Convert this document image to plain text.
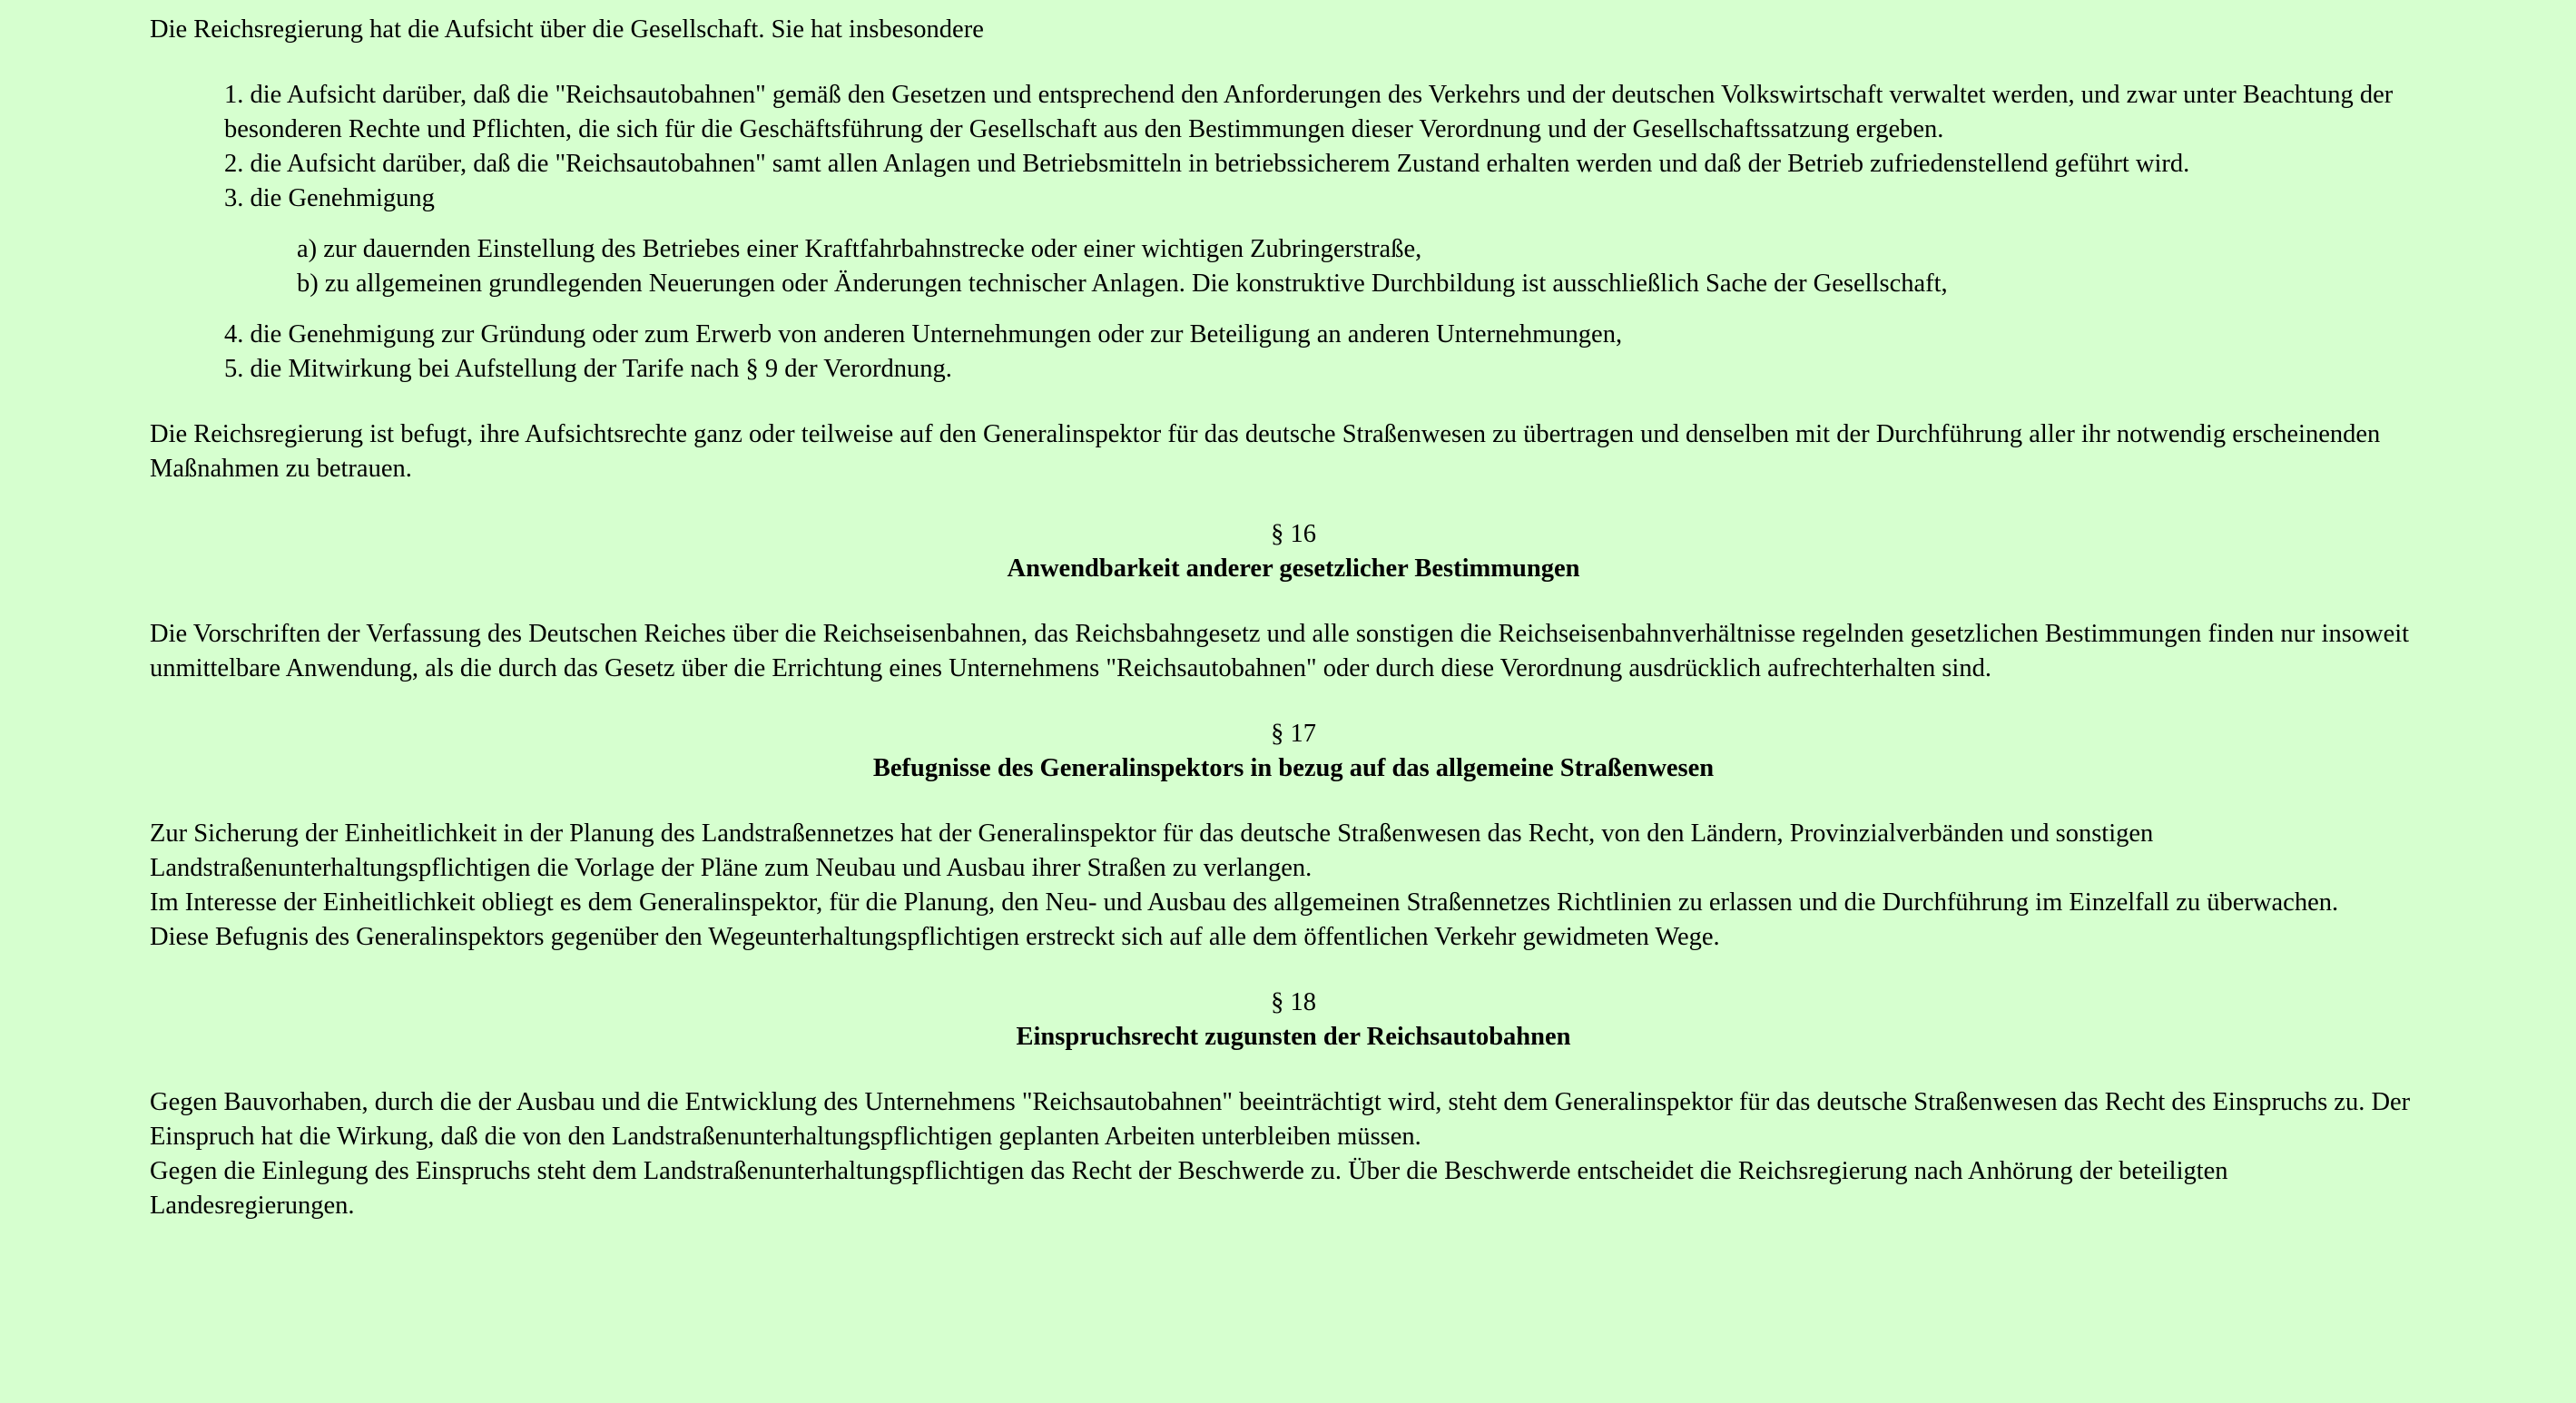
Die Reichsregierung hat die Aufsicht über die Gesellschaft. Sie hat insbesondere

1. die Aufsicht darüber, daß die "Reichsautobahnen" gemäß den Gesetzen und entsprechend den Anforderungen des Verkehrs und der deutschen Volkswirtschaft verwaltet werden, und zwar unter Beachtung der besonderen Rechte und Pflichten, die sich für die Geschäftsführung der Gesellschaft aus den Bestimmungen dieser Verordnung und der Gesellschaftssatzung ergeben.
2. die Aufsicht darüber, daß die "Reichsautobahnen" samt allen Anlagen und Betriebsmitteln in betriebssicherem Zustand erhalten werden und daß der Betrieb zufriedenstellend geführt wird.
3. die Genehmigung
a) zur dauernden Einstellung des Betriebes einer Kraftfahrbahnstrecke oder einer wichtigen Zubringerstraße,
b) zu allgemeinen grundlegenden Neuerungen oder Änderungen technischer Anlagen. Die konstruktive Durchbildung ist ausschließlich Sache der Gesellschaft,
4. die Genehmigung zur Gründung oder zum Erwerb von anderen Unternehmungen oder zur Beteiligung an anderen Unternehmungen,
5. die Mitwirkung bei Aufstellung der Tarife nach § 9 der Verordnung.

Die Reichsregierung ist befugt, ihre Aufsichtsrechte ganz oder teilweise auf den Generalinspektor für das deutsche Straßenwesen zu übertragen und denselben mit der Durchführung aller ihr notwendig erscheinenden Maßnahmen zu betrauen.

§ 16
Anwendbarkeit anderer gesetzlicher Bestimmungen

Die Vorschriften der Verfassung des Deutschen Reiches über die Reichseisenbahnen, das Reichsbahngesetz und alle sonstigen die Reichseisenbahnverhältnisse regelnden gesetzlichen Bestimmungen finden nur insoweit unmittelbare Anwendung, als die durch das Gesetz über die Errichtung eines Unternehmens "Reichsautobahnen" oder durch diese Verordnung ausdrücklich aufrechterhalten sind.

§ 17
Befugnisse des Generalinspektors in bezug auf das allgemeine Straßenwesen

Zur Sicherung der Einheitlichkeit in der Planung des Landstraßennetzes hat der Generalinspektor für das deutsche Straßenwesen das Recht, von den Ländern, Provinzialverbänden und sonstigen Landstraßenunterhaltungspflichtigen die Vorlage der Pläne zum Neubau und Ausbau ihrer Straßen zu verlangen.
Im Interesse der Einheitlichkeit obliegt es dem Generalinspektor, für die Planung, den Neu- und Ausbau des allgemeinen Straßennetzes Richtlinien zu erlassen und die Durchführung im Einzelfall zu überwachen.
Diese Befugnis des Generalinspektors gegenüber den Wegeunterhaltungspflichtigen erstreckt sich auf alle dem öffentlichen Verkehr gewidmeten Wege.

§ 18
Einspruchsrecht zugunsten der Reichsautobahnen

Gegen Bauvorhaben, durch die der Ausbau und die Entwicklung des Unternehmens "Reichsautobahnen" beeinträchtigt wird, steht dem Generalinspektor für das deutsche Straßenwesen das Recht des Einspruchs zu. Der Einspruch hat die Wirkung, daß die von den Landstraßenunterhaltungspflichtigen geplanten Arbeiten unterbleiben müssen.
Gegen die Einlegung des Einspruchs steht dem Landstraßenunterhaltungspflichtigen das Recht der Beschwerde zu. Über die Beschwerde entscheidet die Reichsregierung nach Anhörung der beteiligten Landesregierungen.
